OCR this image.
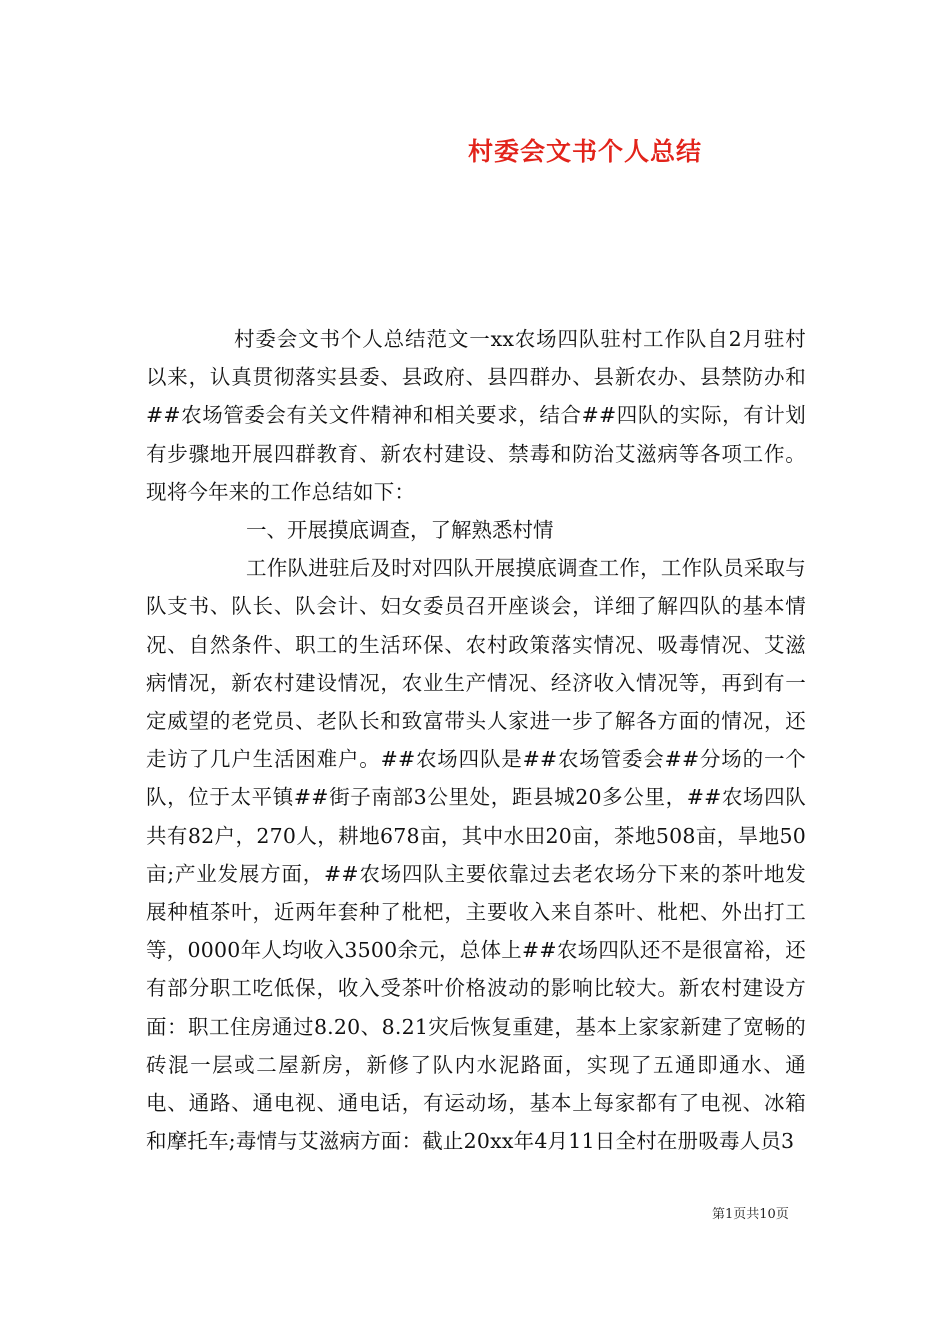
村委会文书个人总结

村委会文书个人总结范文一xx农场四队驻村工作队自2月驻村以来，认真贯彻落实县委、县政府、县四群办、县新农办、县禁防办和##农场管委会有关文件精神和相关要求，结合##四队的实际，有计划有步骤地开展四群教育、新农村建设、禁毒和防治艾滋病等各项工作。现将今年来的工作总结如下：

一、开展摸底调查，了解熟悉村情

工作队进驻后及时对四队开展摸底调查工作，工作队员采取与队支书、队长、队会计、妇女委员召开座谈会，详细了解四队的基本情况、自然条件、职工的生活环保、农村政策落实情况、吸毒情况、艾滋病情况，新农村建设情况，农业生产情况、经济收入情况等，再到有一定威望的老党员、老队长和致富带头人家进一步了解各方面的情况，还走访了几户生活困难户。##农场四队是##农场管委会##分场的一个队，位于太平镇##街子南部3公里处，距县城20多公里，##农场四队共有82户，270人，耕地678亩，其中水田20亩，茶地508亩，旱地50亩;产业发展方面，##农场四队主要依靠过去老农场分下来的茶叶地发展种植茶叶，近两年套种了枇杷，主要收入来自茶叶、枇杷、外出打工等，0000年人均收入3500余元，总体上##农场四队还不是很富裕，还有部分职工吃低保，收入受茶叶价格波动的影响比较大。新农村建设方面：职工住房通过8.20、8.21灾后恢复重建，基本上家家新建了宽畅的砖混一层或二屋新房，新修了队内水泥路面，实现了五通即通水、通电、通路、通电视、通电话，有运动场，基本上每家都有了电视、冰箱和摩托车;毒情与艾滋病方面：截止20xx年4月11日全村在册吸毒人员3

第1页共10页
